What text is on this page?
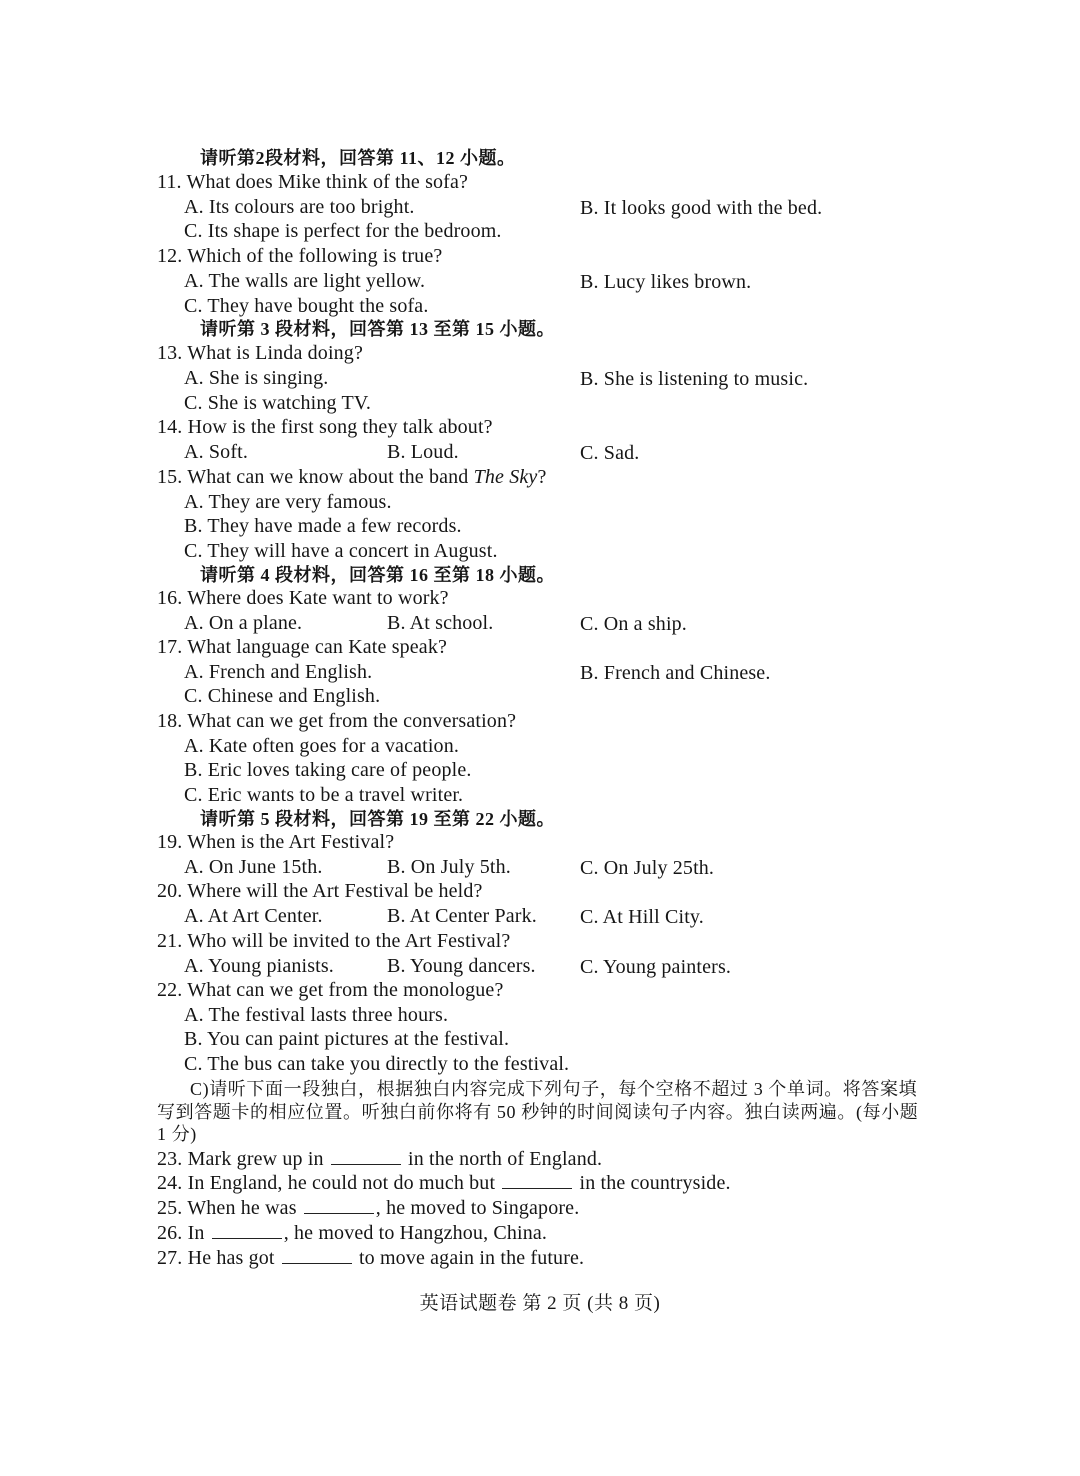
请听第2段材料，回答第 11、12 小题。
11. What does Mike think of the sofa?
A. Its colours are too bright.	B. It looks good with the bed.
C. Its shape is perfect for the bedroom.
12. Which of the following is true?
A. The walls are light yellow.	B. Lucy likes brown.
C. They have bought the sofa.
请听第 3 段材料，回答第 13 至第 15 小题。
13. What is Linda doing?
A. She is singing.	B. She is listening to music.
C. She is watching TV.
14. How is the first song they talk about?
A. Soft.	B. Loud.	C. Sad.
15. What can we know about the band The Sky?
A. They are very famous.
B. They have made a few records.
C. They will have a concert in August.
请听第 4 段材料，回答第 16 至第 18 小题。
16. Where does Kate want to work?
A. On a plane.	B. At school.	C. On a ship.
17. What language can Kate speak?
A. French and English.	B. French and Chinese.
C. Chinese and English.
18. What can we get from the conversation?
A. Kate often goes for a vacation.
B. Eric loves taking care of people.
C. Eric wants to be a travel writer.
请听第 5 段材料，回答第 19 至第 22 小题。
19. When is the Art Festival?
A. On June 15th.	B. On July 5th.	C. On July 25th.
20. Where will the Art Festival be held?
A. At Art Center.	B. At Center Park. C. At Hill City.
21. Who will be invited to the Art Festival?
A. Young pianists.	B. Young dancers. C. Young painters.
22. What can we get from the monologue?
A. The festival lasts three hours.
B. You can paint pictures at the festival.
C. The bus can take you directly to the festival.
C)请听下面一段独白，根据独白内容完成下列句子，每个空格不超过 3 个单词。将答案填
写到答题卡的相应位置。听独白前你将有 50 秒钟的时间阅读句子内容。独白读两遍。(每小题
1 分)
23. Mark grew up in	in the north of England.
24. In England, he could not do much but	in the countryside.
25. When he was	, he moved to Singapore.
26. In	, he moved to Hangzhou, China.
27. He has got	to move again in the future.
英语试题卷 第 2 页 (共 8 页)
